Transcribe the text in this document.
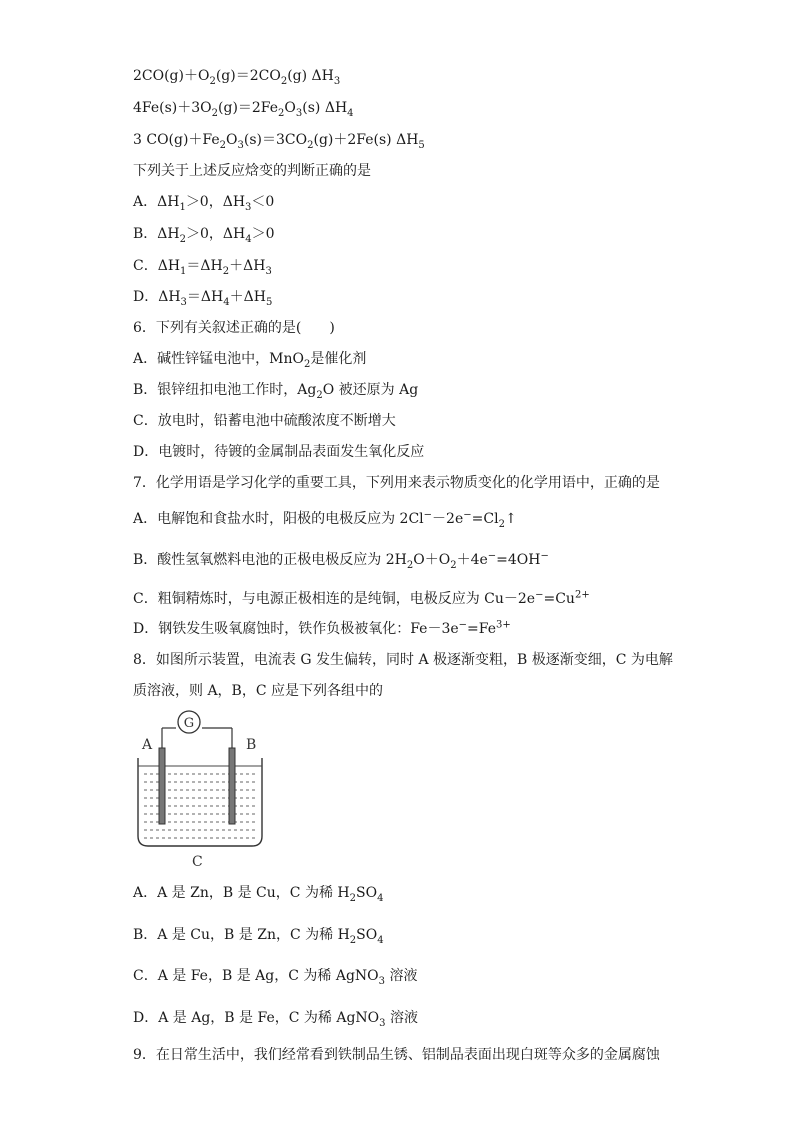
$2CO(g)+O_2(g)=2CO_2(g)$ $\Delta H_3$
$4Fe(s)+3O_2(g)=2Fe_2O_3(s)$ $\Delta H_4$
3 $CO(g)+Fe_2O_3(s)=3CO_2(g)+2Fe(s)$ $\Delta H_5$
下列关于上述反应焓变的判断正确的是
A．$\Delta H_1>0$，$\Delta H_3<0$
B．$\Delta H_2>0$，$\Delta H_4>0$
C．$\Delta H_1=\Delta H_2+\Delta H_3$
D．$\Delta H_3=\Delta H_4+\Delta H_5$
6．下列有关叙述正确的是(　　)
A．碱性锌锰电池中，MnO$_2$是催化剂
B．银锌纽扣电池工作时，$Ag_2O$ 被还原为 Ag
C．放电时，铅蓄电池中硫酸浓度不断增大
D．电镀时，待镀的金属制品表面发生氧化反应
7．化学用语是学习化学的重要工具，下列用来表示物质变化的化学用语中，正确的是
A．电解饱和食盐水时，阳极的电极反应为 $2Cl^--2e^-=Cl_2↑$
B．酸性氢氧燃料电池的正极电极反应为 $2H_2O+O_2+4e^-=4OH^-$
C．粗铜精炼时，与电源正极相连的是纯铜，电极反应为 $Cu-2e^-=Cu^{2+}$
D．钢铁发生吸氧腐蚀时，铁作负极被氧化：$Fe-3e^-=Fe^{3+}$
8．如图所示装置，电流表 G 发生偏转，同时 A 极逐渐变粗，B 极逐渐变细，C 为电解
质溶液，则 A，B，C 应是下列各组中的
G
A	B
C
A．A 是 Zn，B 是 Cu，C 为稀 $H_2SO_4$
B．A 是 Cu，B 是 Zn，C 为稀 $H_2SO_4$
C．A 是 Fe，B 是 Ag，C 为稀 AgNO$_3$ 溶液
D．A 是 Ag，B 是 Fe，C 为稀 AgNO$_3$ 溶液
9．在日常生活中，我们经常看到铁制品生锈、铝制品表面出现白斑等众多的金属腐蚀
